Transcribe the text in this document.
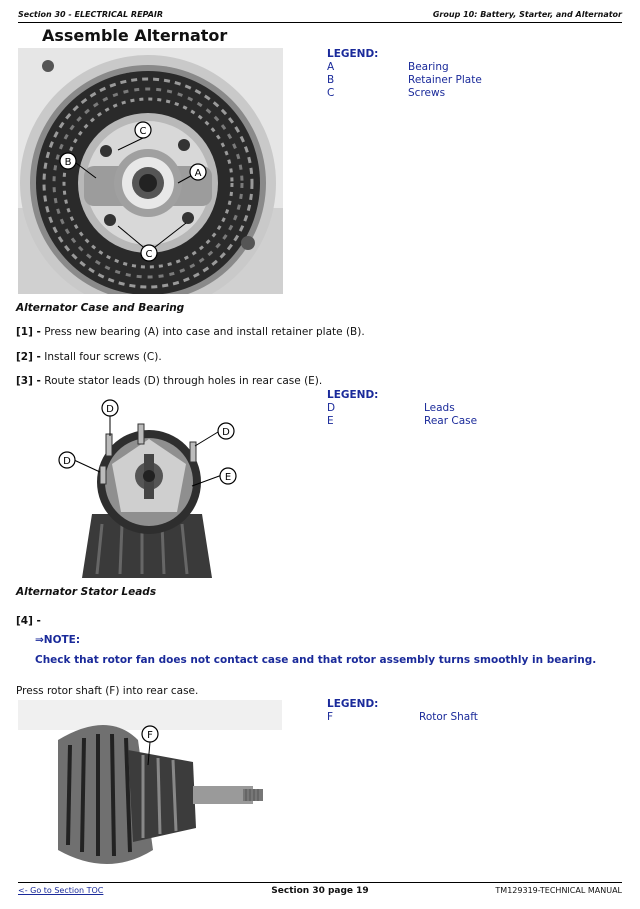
Section 30 - ELECTRICAL REPAIR	Group 10: Battery, Starter, and Alternator
Assemble Alternator
C
B
A
C
LEGEND:
A	Bearing
B	Retainer Plate
C	Screws
Alternator Case and Bearing
[1] - Press new bearing (A) into case and install retainer plate (B).
[2] - Install four screws (C).
[3] - Route stator leads (D) through holes in rear case (E).
D
D
D
E
LEGEND:
D	Leads
E	Rear Case
Alternator Stator Leads
[4] -
⇒NOTE:
Check that rotor fan does not contact case and that rotor assembly turns smoothly in bearing.
Press rotor shaft (F) into rear case.
F
LEGEND:
F	Rotor Shaft
<- Go to Section TOC	Section 30 page 19	TM129319-TECHNICAL MANUAL
